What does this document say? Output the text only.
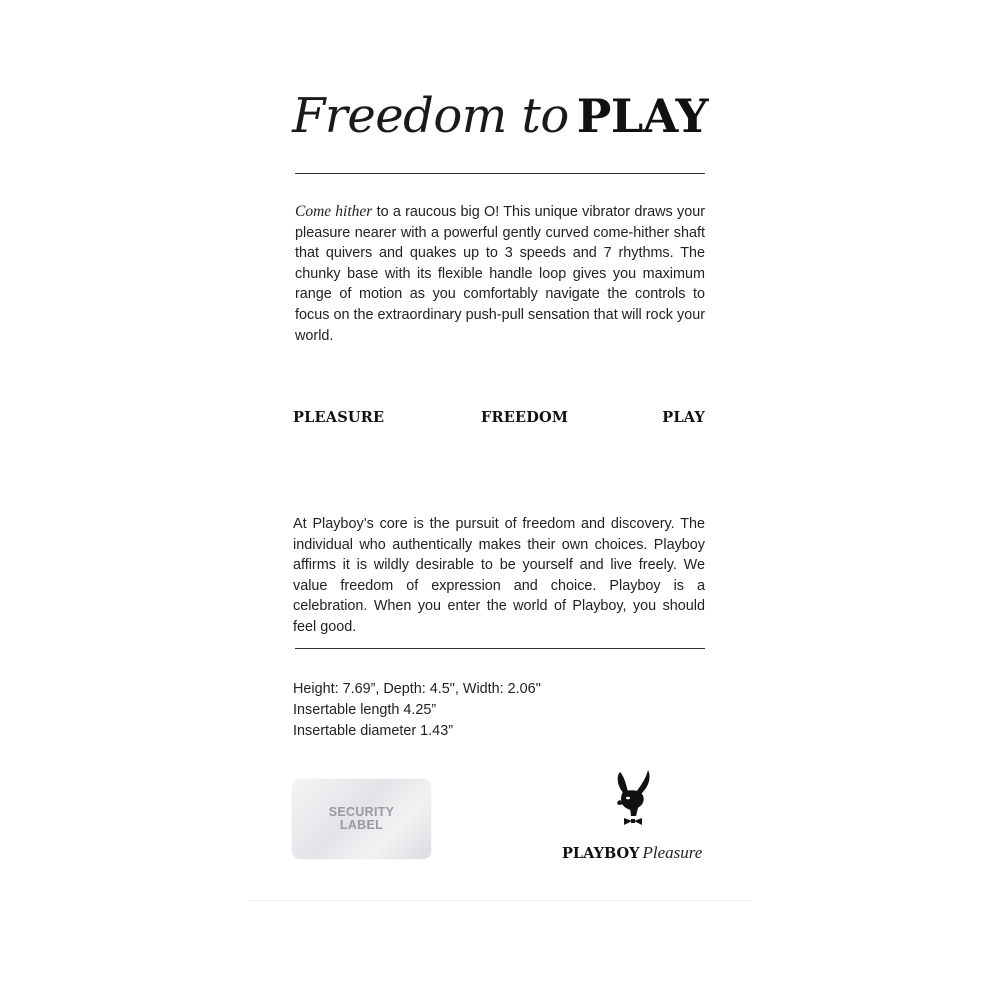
Freedom to PLAY
Come hither to a raucous big O! This unique vibrator draws your pleasure nearer with a powerful gently curved come-hither shaft that quivers and quakes up to 3 speeds and 7 rhythms. The chunky base with its flexible handle loop gives you maximum range of motion as you comfortably navigate the controls to focus on the extraordinary push-pull sensation that will rock your world.
PLEASURE	FREEDOM	PLAY
At Playboy’s core is the pursuit of freedom and discovery. The individual who authentically makes their own choices. Playboy affirms it is wildly desirable to be yourself and live freely. We value freedom of expression and choice. Playboy is a celebration. When you enter the world of Playboy, you should feel good.
Height: 7.69”, Depth: 4.5", Width: 2.06"
Insertable length 4.25”
Insertable diameter 1.43”
SECURITY
LABEL
PLAYBOY Pleasure
